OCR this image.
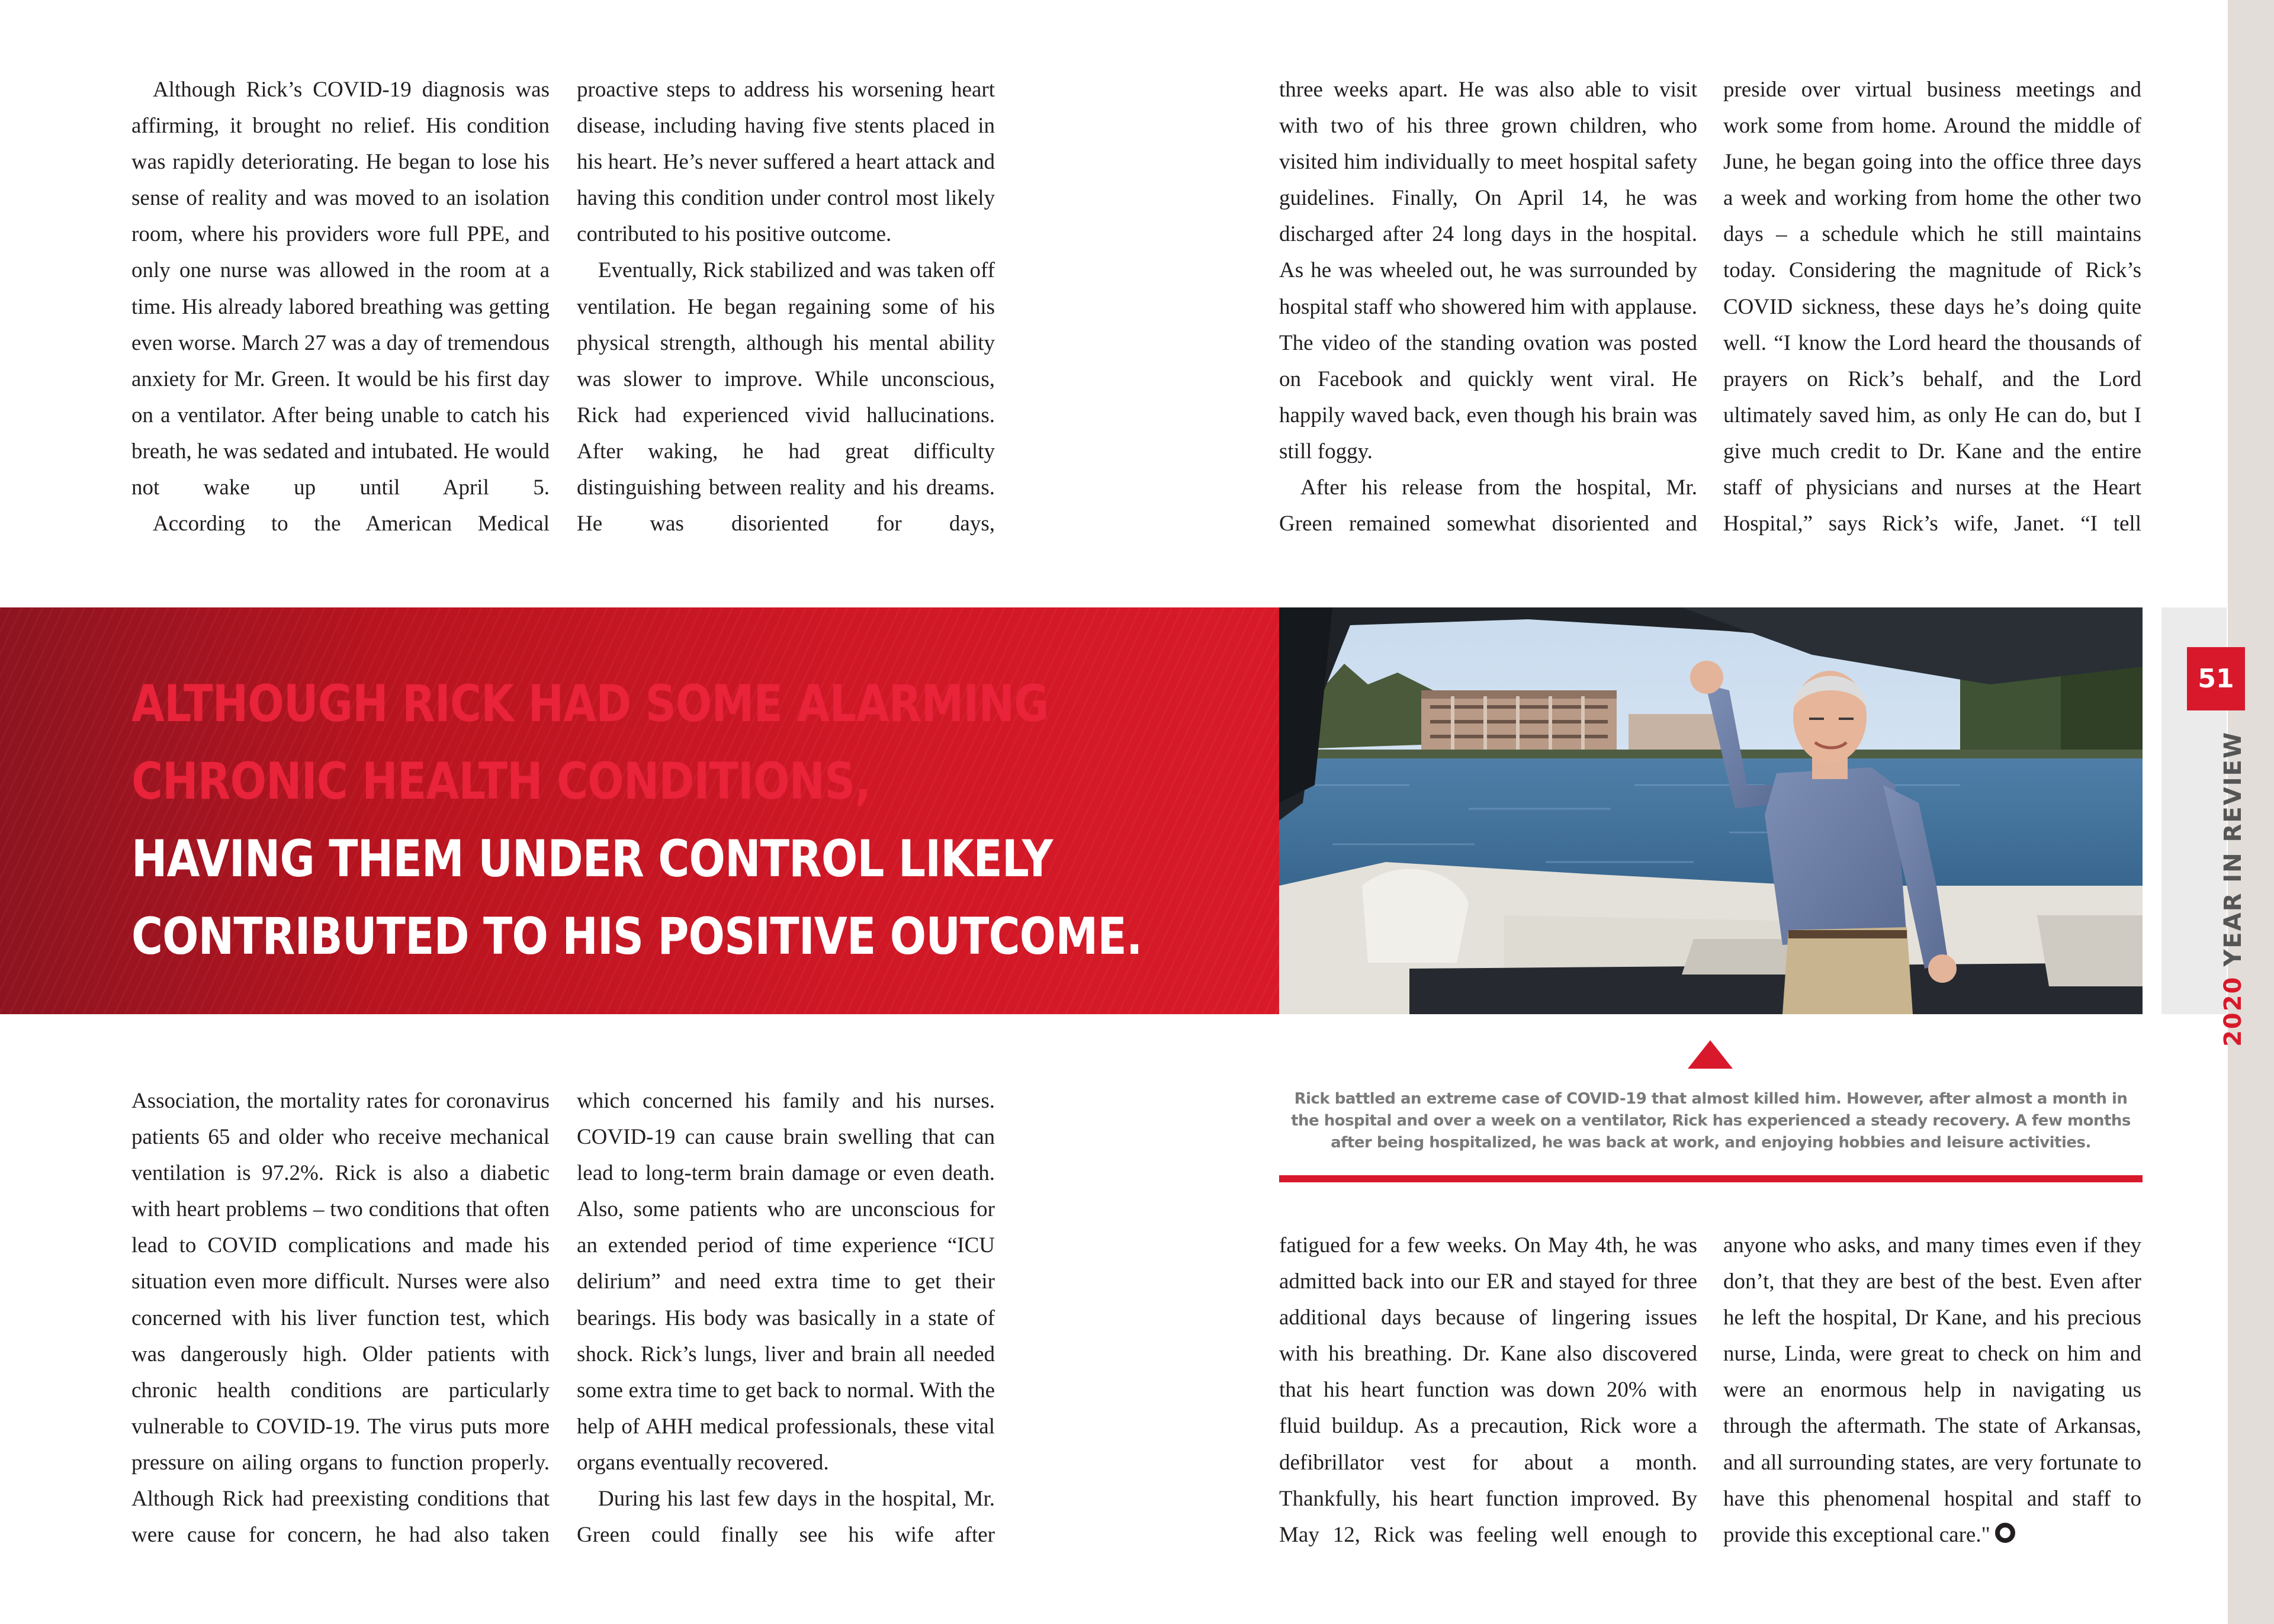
Although Rick’s COVID-19 diagnosis was affirming, it brought no relief. His condition was rapidly deteriorating. He began to lose his sense of reality and was moved to an isolation room, where his providers wore full PPE, and only one nurse was allowed in the room at a time. His already labored breathing was getting even worse. March 27 was a day of tremendous anxiety for Mr. Green. It would be his first day on a ventilator. After being unable to catch his breath, he was sedated and intubated. He would not wake up until April 5.

According to the American Medical

proactive steps to address his worsening heart disease, including having five stents placed in his heart. He’s never suffered a heart attack and having this condition under control most likely contributed to his positive outcome.

Eventually, Rick stabilized and was taken off ventilation. He began regaining some of his physical strength, although his mental ability was slower to improve. While unconscious, Rick had experienced vivid hallucinations. After waking, he had great difficulty distinguishing between reality and his dreams. He was disoriented for days,

three weeks apart. He was also able to visit with two of his three grown children, who visited him individually to meet hospital safety guidelines. Finally, On April 14, he was discharged after 24 long days in the hospital. As he was wheeled out, he was surrounded by hospital staff who showered him with applause. The video of the standing ovation was posted on Facebook and quickly went viral. He happily waved back, even though his brain was still foggy.

After his release from the hospital, Mr. Green remained somewhat disoriented and

preside over virtual business meetings and work some from home. Around the middle of June, he began going into the office three days a week and working from home the other two days – a schedule which he still maintains today. Considering the magnitude of Rick’s COVID sickness, these days he’s doing quite well. “I know the Lord heard the thousands of prayers on Rick’s behalf, and the Lord ultimately saved him, as only He can do, but I give much credit to Dr. Kane and the entire staff of physicians and nurses at the Heart Hospital,” says Rick’s wife, Janet. “I tell

ALTHOUGH RICK HAD SOME ALARMING

CHRONIC HEALTH CONDITIONS,

HAVING THEM UNDER CONTROL LIKELY

CONTRIBUTED TO HIS POSITIVE OUTCOME.

Rick battled an extreme case of COVID-19 that almost killed him. However, after almost a month in the hospital and over a week on a ventilator, Rick has experienced a steady recovery. A few months after being hospitalized, he was back at work, and enjoying hobbies and leisure activities.

Association, the mortality rates for coronavirus patients 65 and older who receive mechanical ventilation is 97.2%. Rick is also a diabetic with heart problems – two conditions that often lead to COVID complications and made his situation even more difficult. Nurses were also concerned with his liver function test, which was dangerously high. Older patients with chronic health conditions are particularly vulnerable to COVID-19. The virus puts more pressure on ailing organs to function properly. Although Rick had preexisting conditions that were cause for concern, he had also taken

which concerned his family and his nurses. COVID-19 can cause brain swelling that can lead to long-term brain damage or even death. Also, some patients who are unconscious for an extended period of time experience “ICU delirium” and need extra time to get their bearings. His body was basically in a state of shock. Rick’s lungs, liver and brain all needed some extra time to get back to normal. With the help of AHH medical professionals, these vital organs eventually recovered.

During his last few days in the hospital, Mr. Green could finally see his wife after

fatigued for a few weeks. On May 4th, he was admitted back into our ER and stayed for three additional days because of lingering issues with his breathing. Dr. Kane also discovered that his heart function was down 20% with fluid buildup. As a precaution, Rick wore a defibrillator vest for about a month. Thankfully, his heart function improved. By May 12, Rick was feeling well enough to

anyone who asks, and many times even if they don’t, that they are best of the best. Even after he left the hospital, Dr Kane, and his precious nurse, Linda, were great to check on him and were an enormous help in navigating us through the aftermath. The state of Arkansas, and all surrounding states, are very fortunate to have this phenomenal hospital and staff to provide this exceptional care."

51
2020 YEAR IN REVIEW
